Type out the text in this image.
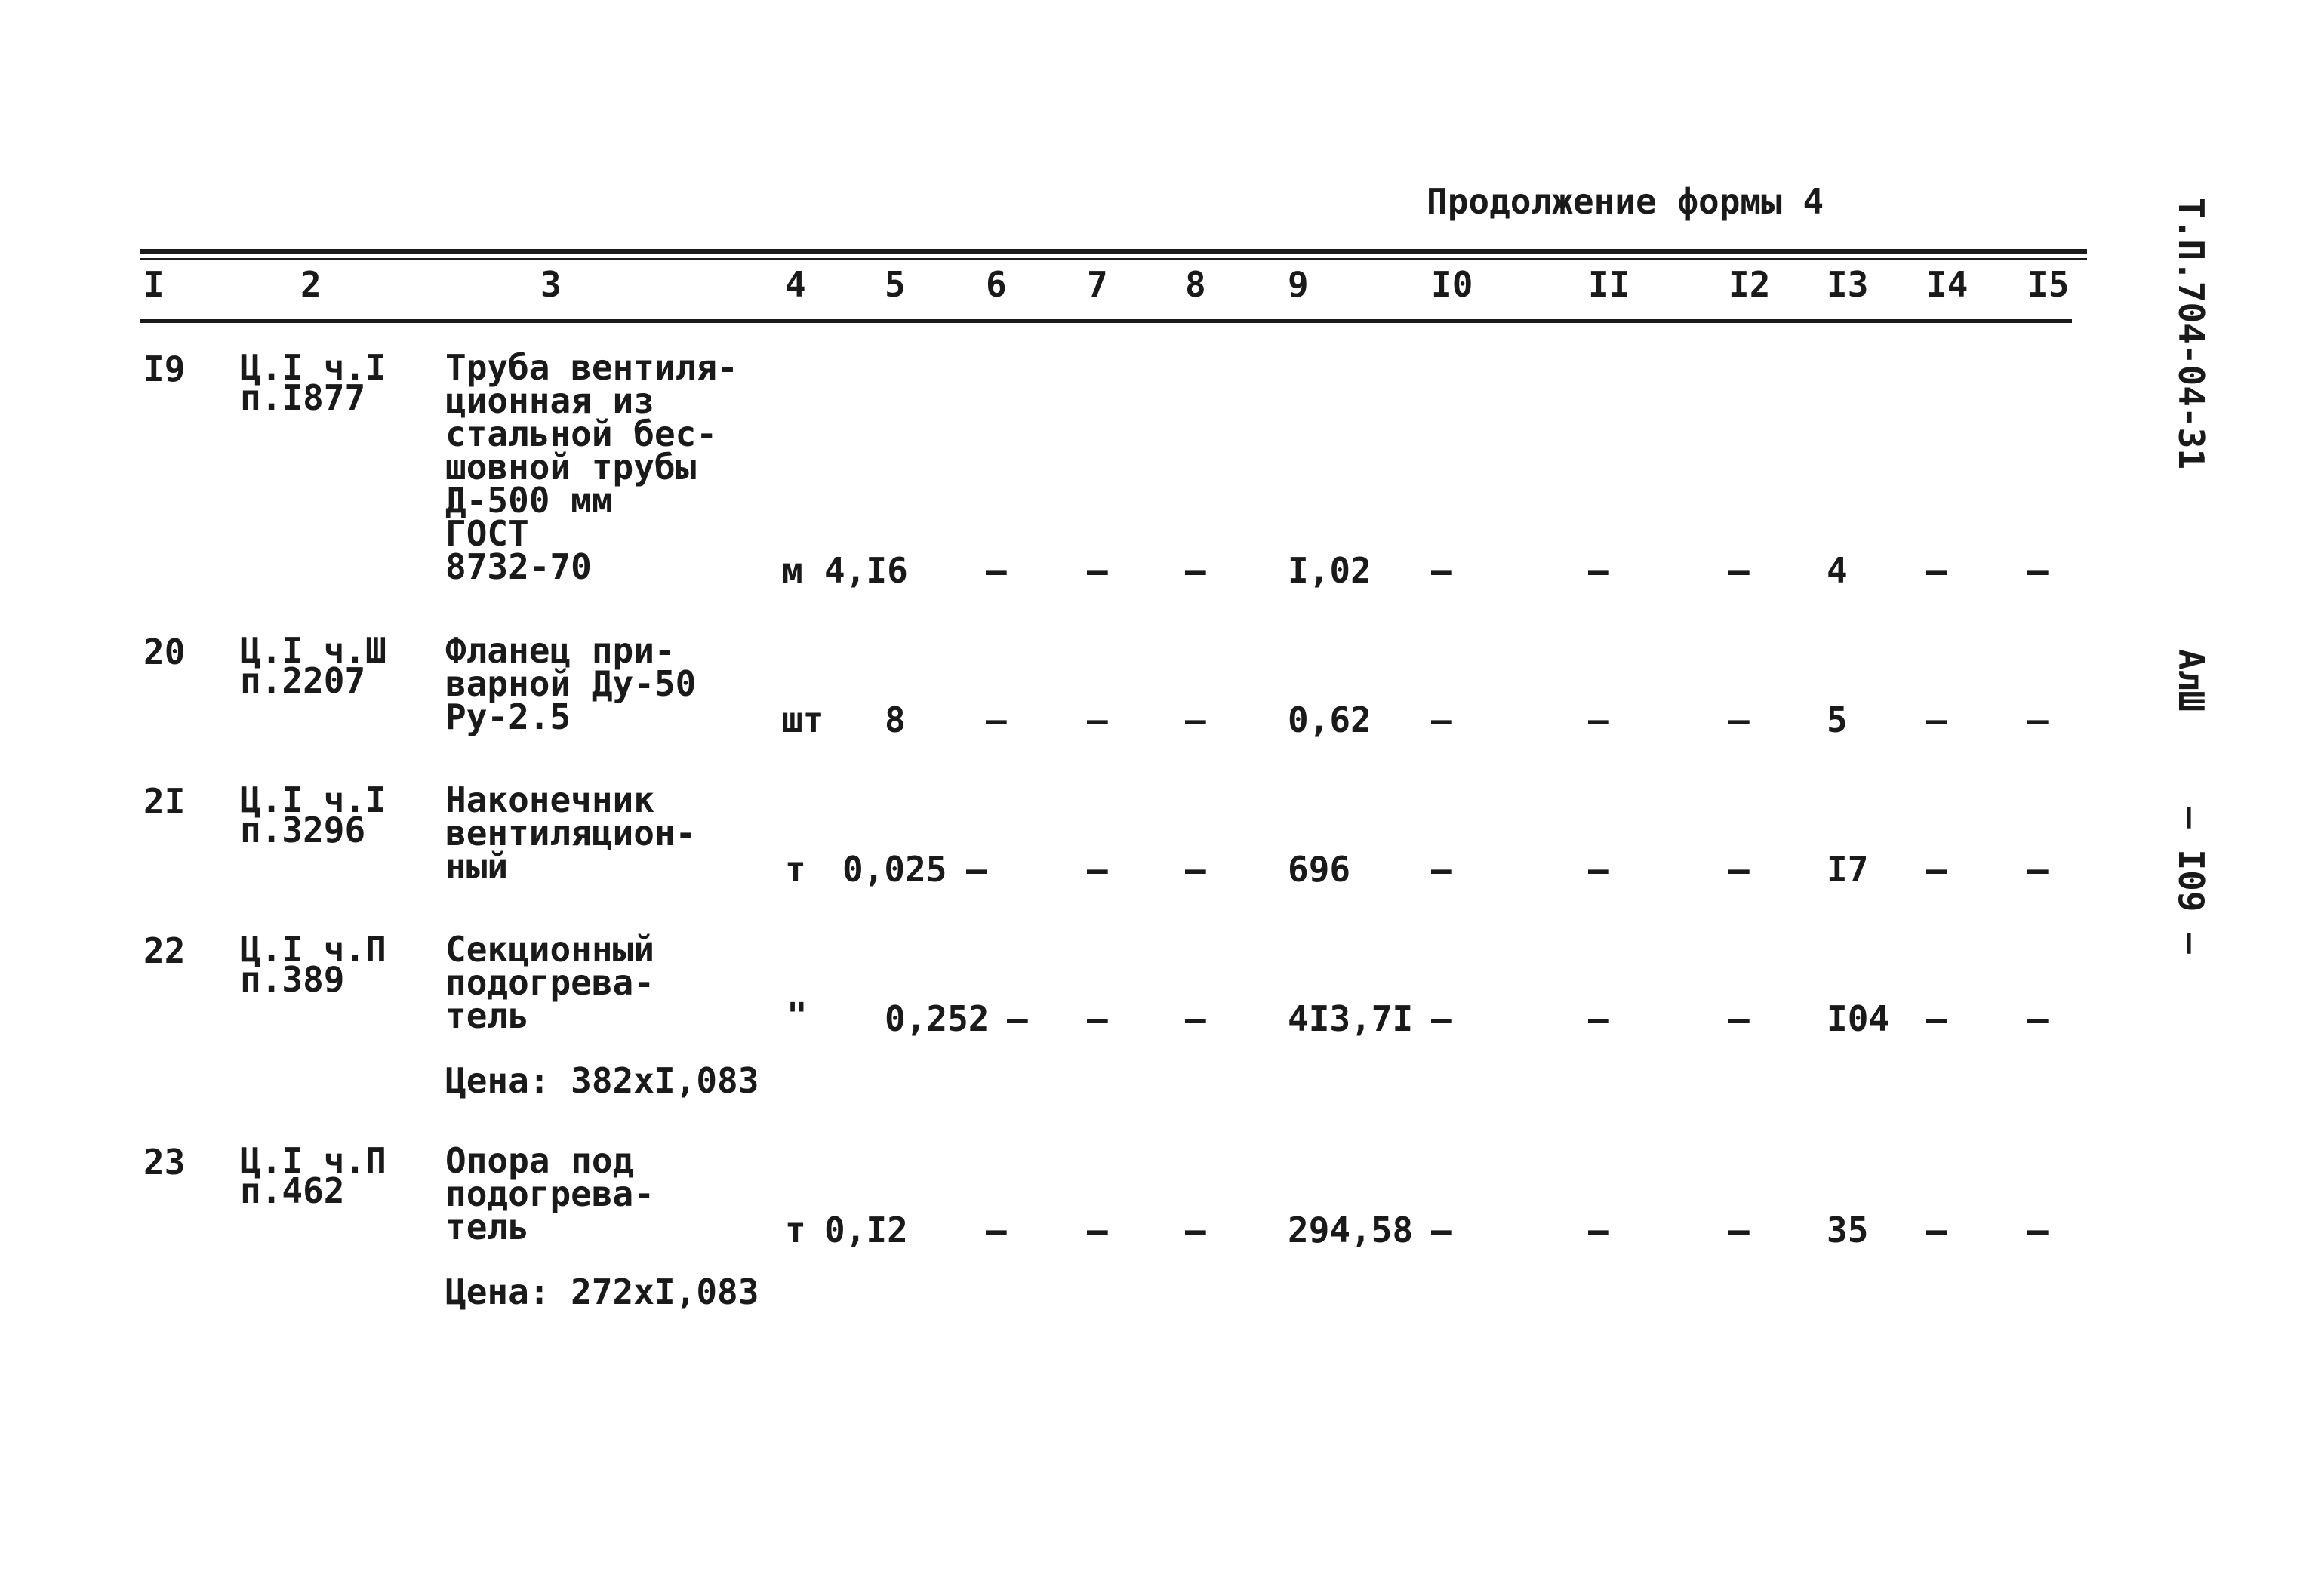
Продолжение формы 4
I	2	3	4 5 6 7 8 9	I0	II	I2 I3 I4 I5
I9 Ц.I ч.I
п.I877
Труба вентиля-
ционная из
стальной бес-
шовной трубы
Д-500 мм
ГОСТ
8732-70	м 4,I6 – – – I,02 –	–	– 4 – –
20 Ц.I ч.Ш
п.2207
Фланец при-
варной Ду-50
Ру-2.5	шт 8 – – – 0,62 –	–	– 5 – –
2I Ц.I ч.I
п.3296
Наконечник
вентиляцион-
ный	т 0,025 –	– – 696 –	–	– I7 – –
22 Ц.I ч.П
п.389
Секционный
подогрева-
тель	" 0,252 – – – 4I3,7I –	–	– I04 – –
Цена: 382хI,083
23 Ц.I ч.П
п.462
Опора под
подогрева-
тель	т 0,I2 – – – 294,58 –	–	– 35 – –
Цена: 272хI,083
Т.П.704-04-31
АлШ
— I09 —
